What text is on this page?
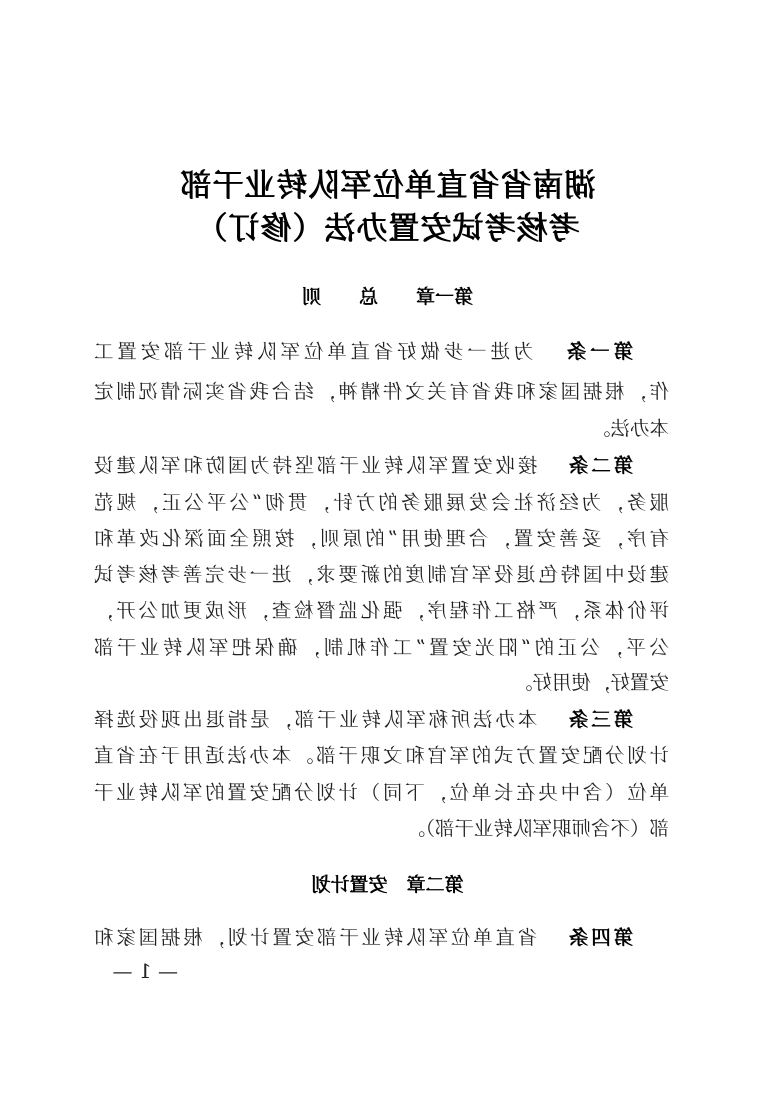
湖南省省直单位军队转业干部
考核考试安置办法（修订）
第一章　　总　　则
第一条为进一步做好省直单位军队转业干部安置工
作，根据国家和我省有关文件精神，结合我省实际情况制定
本办法。
第二条接收安置军队转业干部坚持为国防和军队建设
服务，为经济社会发展服务的方针，贯彻“公平公正，规范
有序，妥善安置，合理使用”的原则，按照全面深化改革和
建设中国特色退役军官制度的新要求，进一步完善考核考试
评价体系，严格工作程序，强化监督检查，形成更加公开，
公平，公正的“阳光安置”工作机制，确保把军队转业干部
安置好，使用好。
第三条本办法所称军队转业干部，是指退出现役选择
计划分配安置方式的军官和文职干部。本办法适用于在省直
单位（含中央在长单位，下同）计划分配安置的军队转业干
部（不含师职军队转业干部）。
第二章　安置计划
第四条省直单位军队转业干部安置计划，根据国家和
— 1 —
